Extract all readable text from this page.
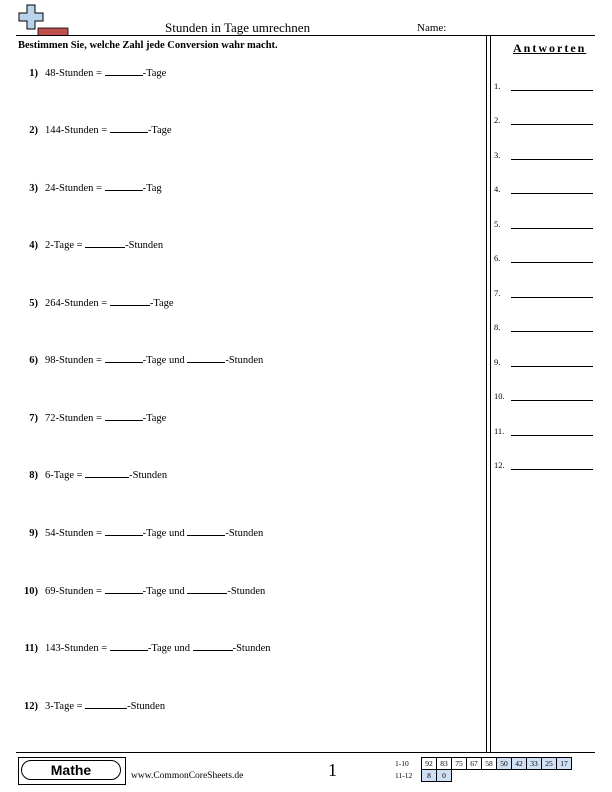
Stunden in Tage umrechnen	Name:
Bestimmen Sie, welche Zahl jede Conversion wahr macht.
1) 48-Stunden =	-Tage
2) 144-Stunden =	-Tage
3) 24-Stunden =	-Tag
4) 2-Tage =	-Stunden
5) 264-Stunden =	-Tage
6) 98-Stunden =	-Tage und	-Stunden
7) 72-Stunden =	-Tage
8) 6-Tage =	-Stunden
9) 54-Stunden =	-Tage und	-Stunden
10) 69-Stunden =	-Tage und	-Stunden
11) 143-Stunden =	-Tage und	-Stunden
12) 3-Tage =	-Stunden
Antworten
1.
2.
3.
4.
5.
6.
7.
8.
9.
10.
11.
12.
Mathe	www.CommonCoreSheets.de	1	1-10	92	83	75	67	58	50	42	33	25	17
11-12	8	0								
